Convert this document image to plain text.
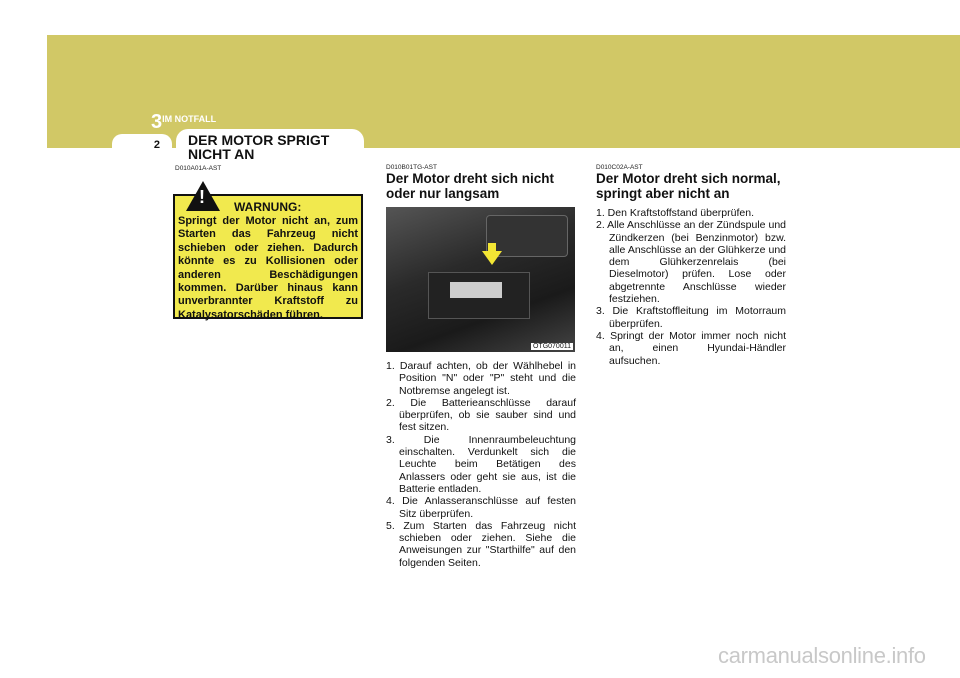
$3^{IM NOTFALL}$
2	DER MOTOR SPRIGT NICHT AN
D010A01A-AST
WARNUNG:

Springt der Motor nicht an, zum Starten das Fahrzeug nicht schieben oder ziehen. Dadurch könnte es zu Kollisionen oder anderen Beschädigungen kommen. Darüber hinaus kann unverbrannter Kraftstoff zu Katalysatorschäden führen.

!
D010B01TG-AST
Der Motor dreht sich nicht oder nur langsam
OTG070011
1. Darauf achten, ob der Wählhebel in Position "N" oder "P" steht und die Notbremse angelegt ist.
2. Die Batterieanschlüsse darauf überprüfen, ob sie sauber sind und fest sitzen.
3. Die Innenraumbeleuchtung einschalten. Verdunkelt sich die Leuchte beim Betätigen des Anlassers oder geht sie aus, ist die Batterie entladen.
4. Die Anlasseranschlüsse auf festen Sitz überprüfen.
5. Zum Starten das Fahrzeug nicht schieben oder ziehen. Siehe die Anweisungen zur "Starthilfe" auf den folgenden Seiten.
D010C02A-AST
Der Motor dreht sich normal, springt aber nicht an
1. Den Kraftstoffstand überprüfen.
2. Alle Anschlüsse an der Zündspule und Zündkerzen (bei Benzinmotor) bzw. alle Anschlüsse an der Glühkerze und dem Glühkerzenrelais (bei Dieselmotor) prüfen. Lose oder abgetrennte Anschlüsse wieder festziehen.
3. Die Kraftstoffleitung im Motorraum überprüfen.
4. Springt der Motor immer noch nicht an, einen Hyundai-Händler aufsuchen.
carmanualsonline.info
